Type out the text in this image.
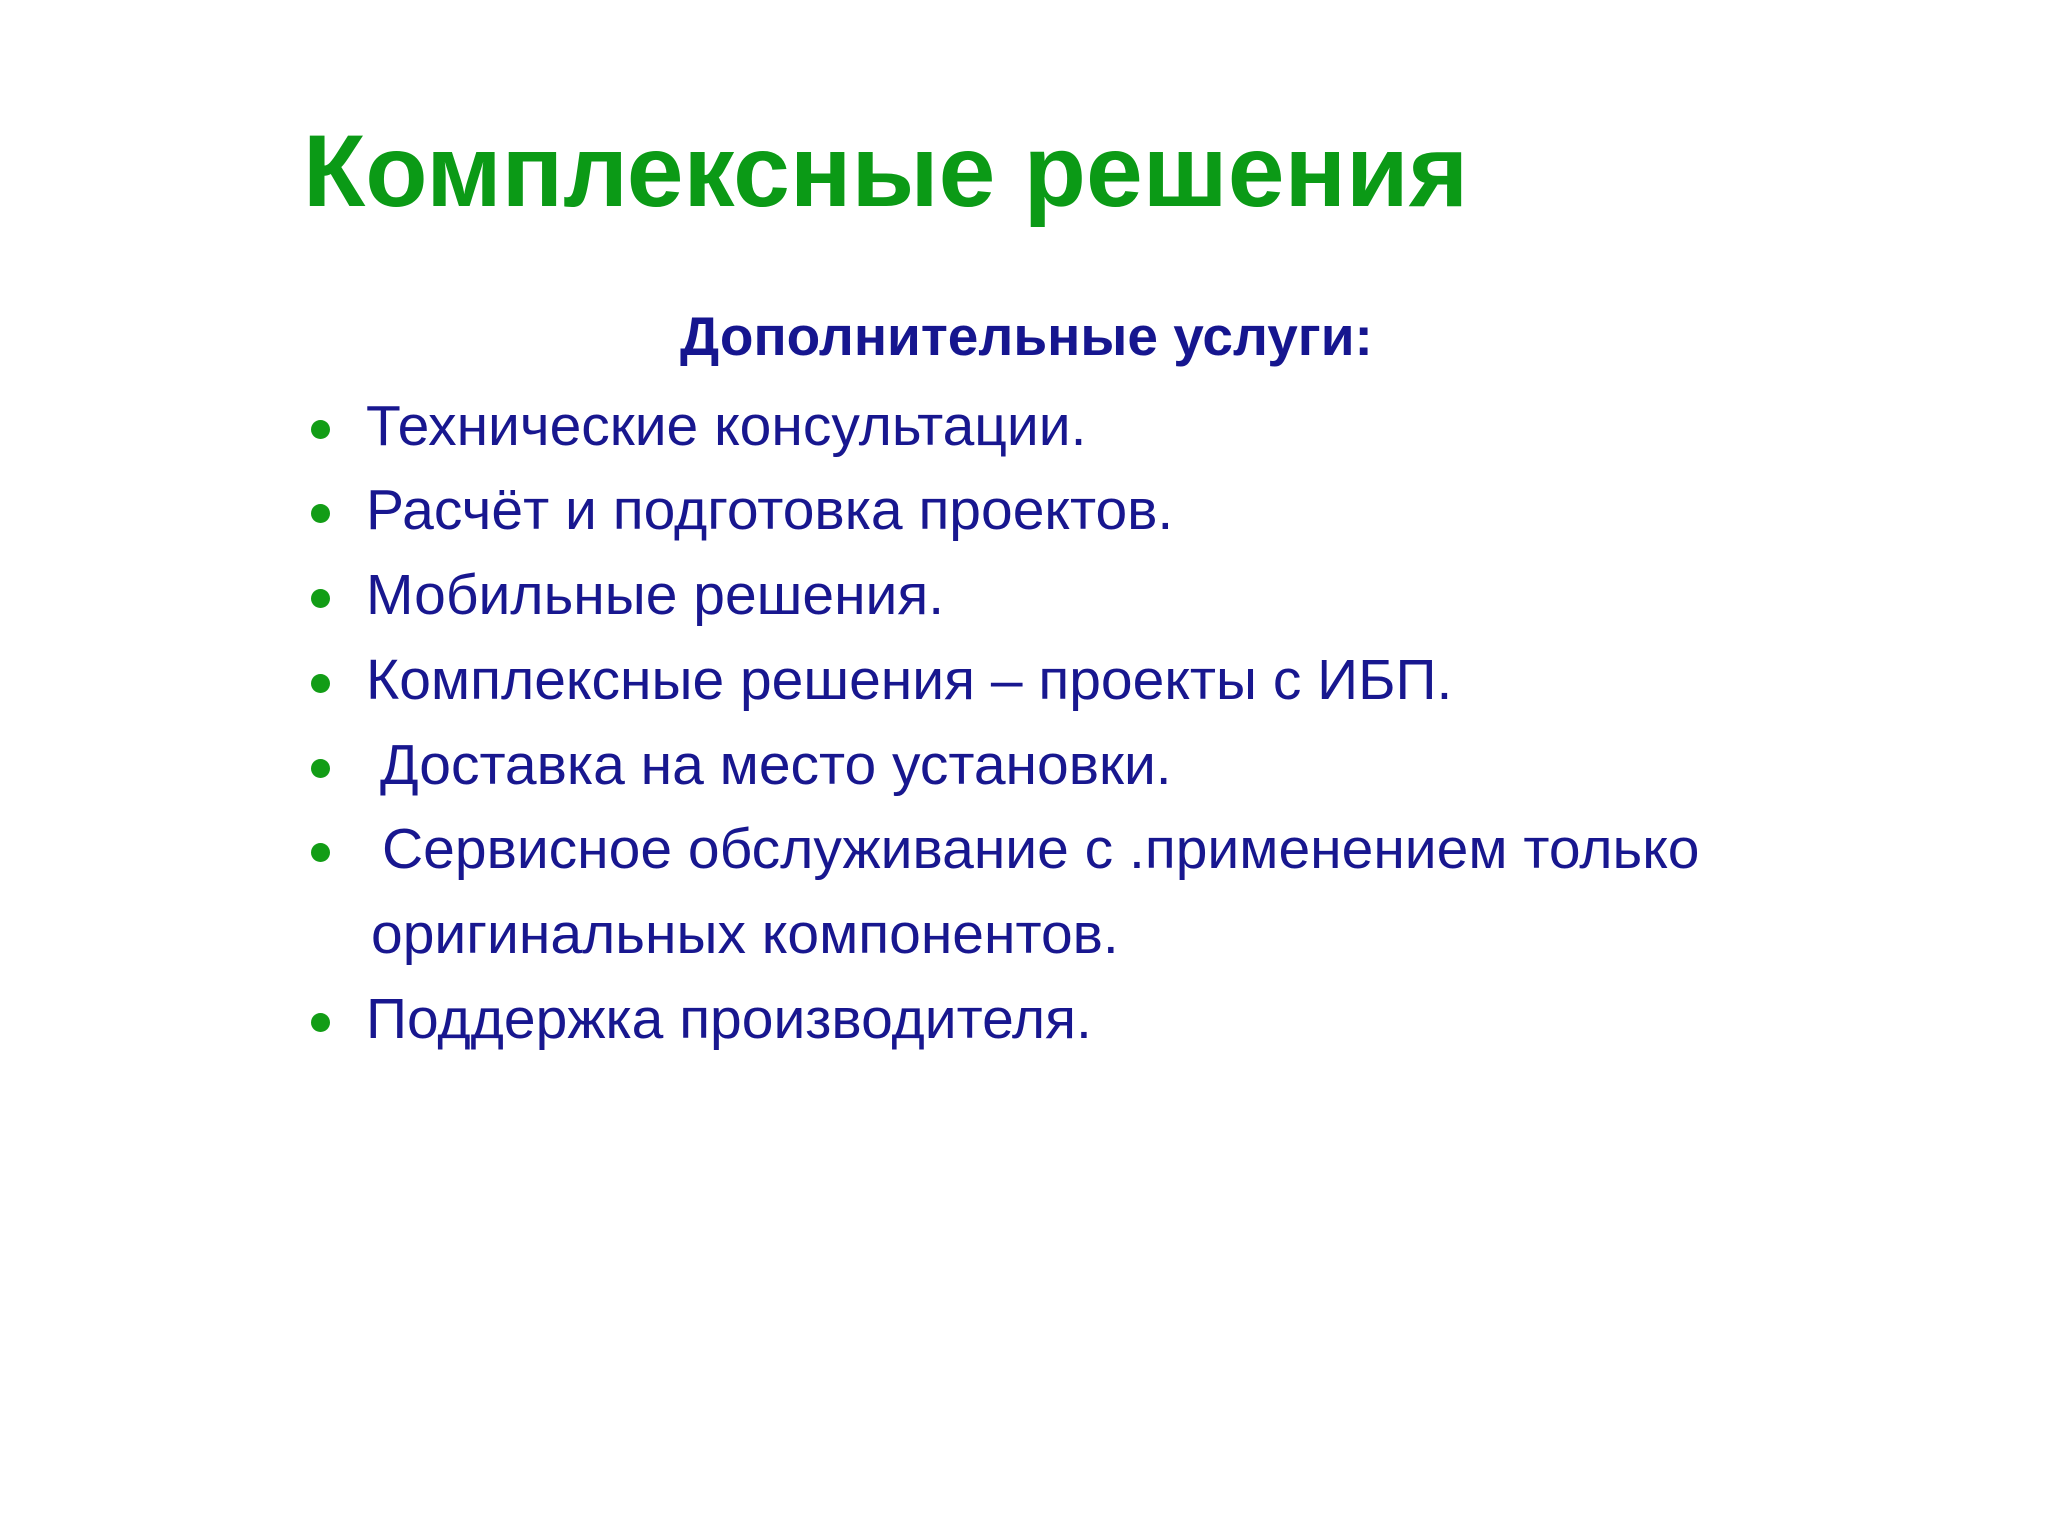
Комплексные решения
Дополнительные услуги:
Технические консультации.
Расчёт и подготовка проектов.
Мобильные решения.
Комплексные решения – проекты с ИБП.
Доставка на место установки.
Сервисное обслуживание с .применением только
Поддержка производителя.
оригинальных компонентов.
